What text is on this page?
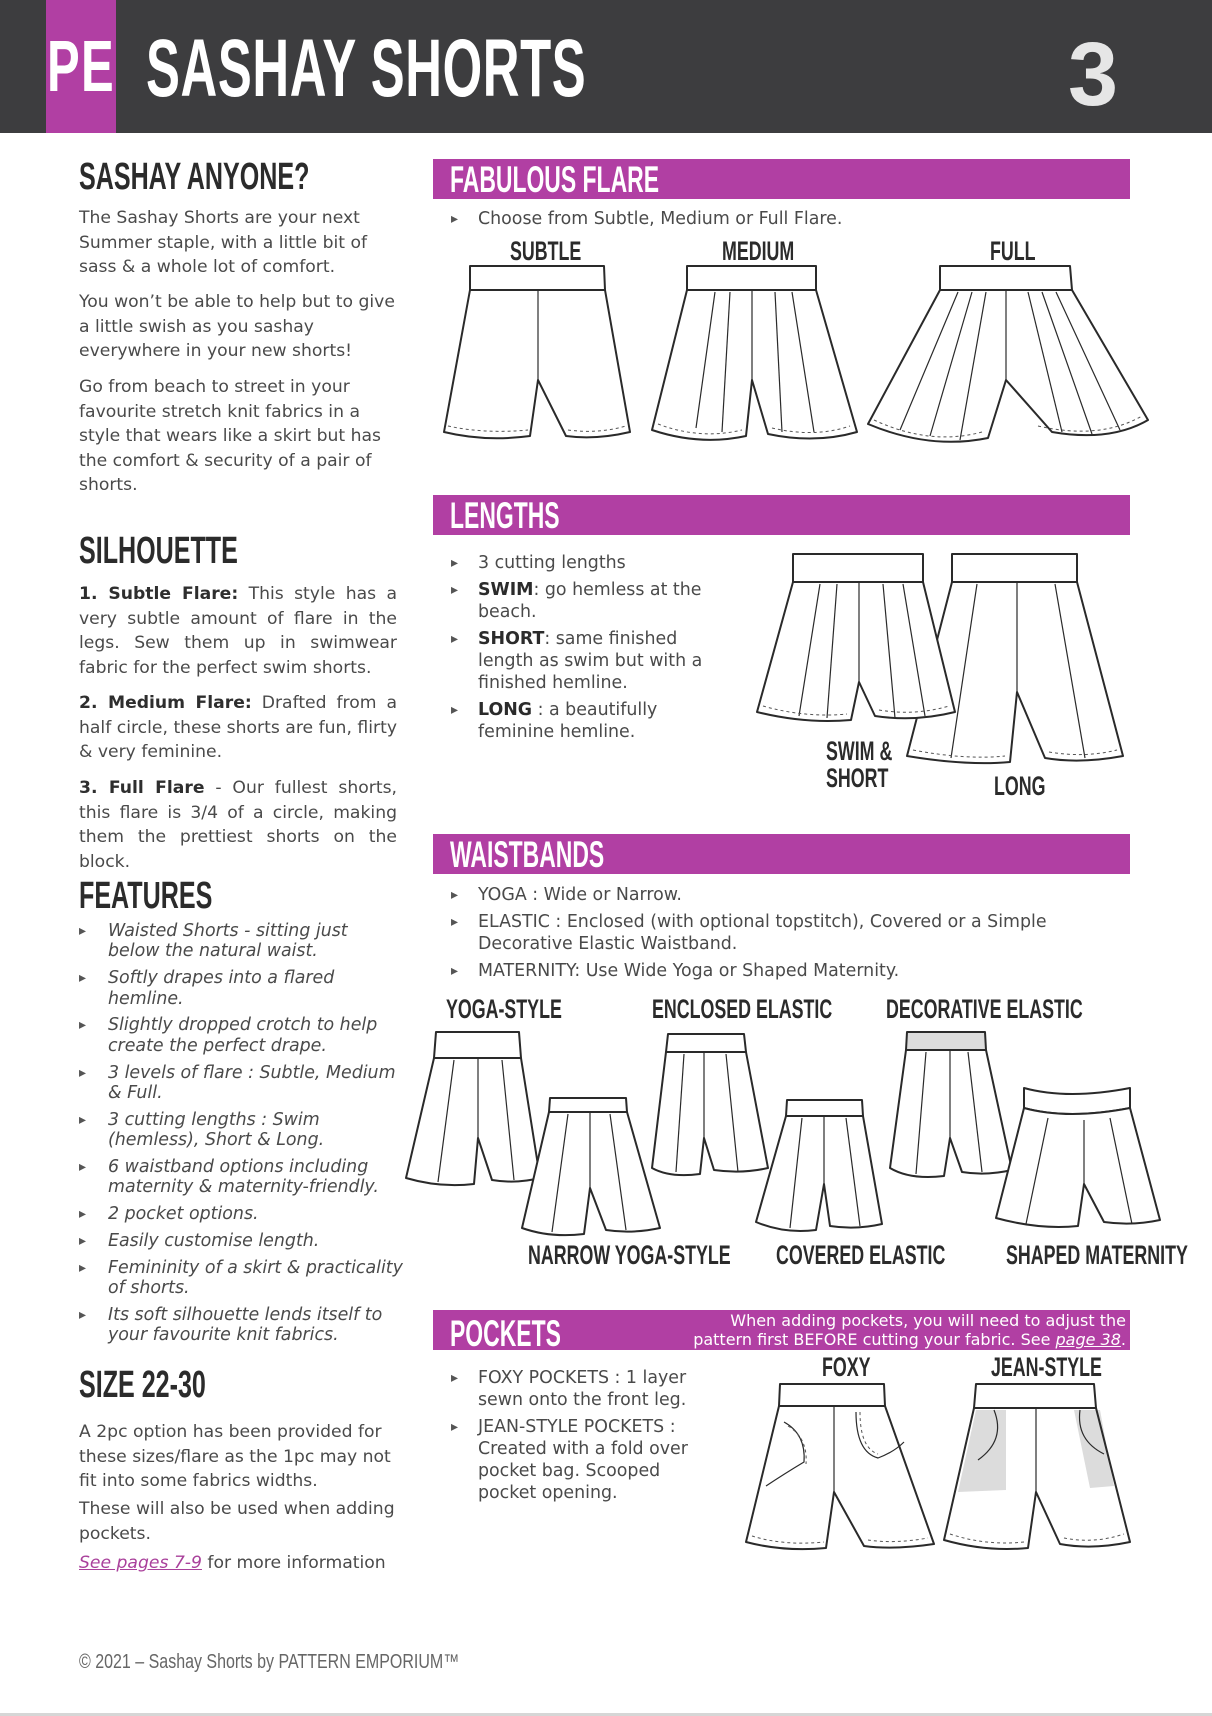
PE SASHAY SHORTS	3
SASHAY ANYONE?
The Sashay Shorts are your next Summer staple, with a little bit of sass & a whole lot of comfort.
You won’t be able to help but to give a little swish as you sashay everywhere in your new shorts!
Go from beach to street in your favourite stretch knit fabrics in a style that wears like a skirt but has the comfort & security of a pair of shorts.
SILHOUETTE
1. Subtle Flare: This style has a very subtle amount of flare in the legs. Sew them up in swimwear fabric for the perfect swim shorts.
2. Medium Flare: Drafted from a half circle, these shorts are fun, flirty & very feminine.
3. Full Flare - Our fullest shorts, this flare is 3/4 of a circle, making them the prettiest shorts on the block.
FEATURES
▸ Waisted Shorts - sitting just below the natural waist.
▸ Softly drapes into a flared hemline.
▸ Slightly dropped crotch to help create the perfect drape.
▸ 3 levels of flare : Subtle, Medium & Full.
▸ 3 cutting lengths : Swim (hemless), Short & Long.
▸ 6 waistband options including maternity & maternity-friendly.
▸ 2 pocket options.
▸ Easily customise length.
▸ Femininity of a skirt & practicality of shorts.
▸ Its soft silhouette lends itself to your favourite knit fabrics.
SIZE 22-30
A 2pc option has been provided for these sizes/flare as the 1pc may not fit into some fabrics widths.
These will also be used when adding pockets.
See pages 7-9 for more information
FABULOUS FLARE
▸ Choose from Subtle, Medium or Full Flare.
SUBTLE	MEDIUM	FULL
LENGTHS
▸ 3 cutting lengths
▸ SWIM: go hemless at the beach.
▸ SHORT: same finished length as swim but with a finished hemline.
▸ LONG : a beautifully feminine hemline.
SWIM &
SHORT	LONG
WAISTBANDS
▸ YOGA : Wide or Narrow.
▸ ELASTIC : Enclosed (with optional topstitch), Covered or a Simple Decorative Elastic Waistband.
▸ MATERNITY: Use Wide Yoga or Shaped Maternity.
YOGA-STYLE	ENCLOSED ELASTIC	DECORATIVE ELASTIC
NARROW YOGA-STYLE	COVERED ELASTIC	SHAPED MATERNITY
POCKETS	When adding pockets, you will need to adjust the
pattern first BEFORE cutting your fabric. See page 38.
▸ FOXY POCKETS : 1 layer sewn onto the front leg.
▸ JEAN-STYLE POCKETS : Created with a fold over pocket bag. Scooped pocket opening.
FOXY	JEAN-STYLE
© 2021 – Sashay Shorts by PATTERN EMPORIUM™
